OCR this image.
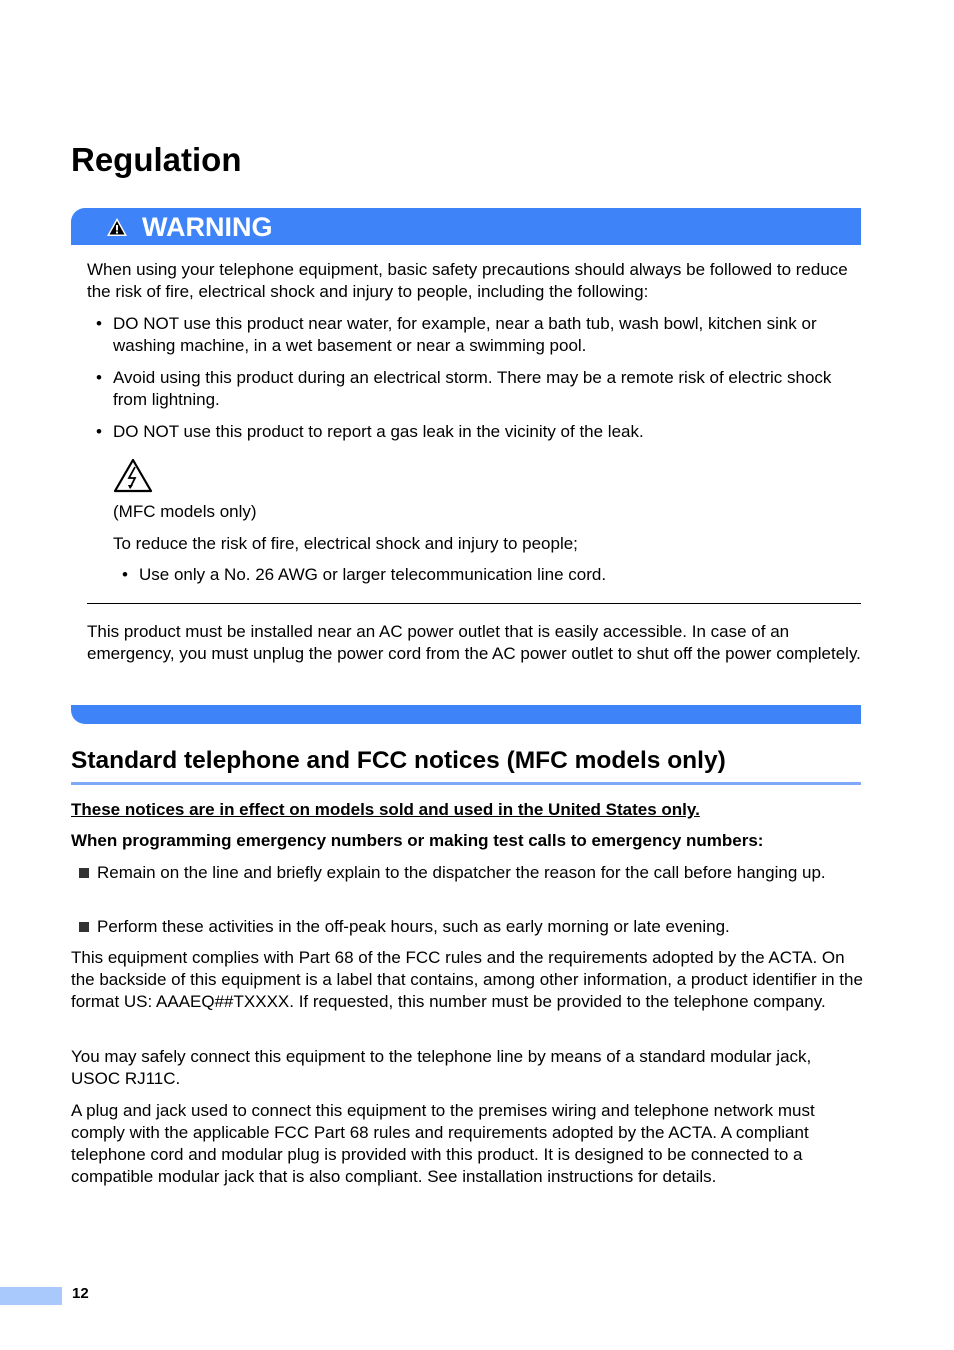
Regulation
WARNING
When using your telephone equipment, basic safety precautions should always be followed to reduce the risk of fire, electrical shock and injury to people, including the following:
• DO NOT use this product near water, for example, near a bath tub, wash bowl, kitchen sink or washing machine, in a wet basement or near a swimming pool.
• Avoid using this product during an electrical storm. There may be a remote risk of electric shock from lightning.
• DO NOT use this product to report a gas leak in the vicinity of the leak.
(MFC models only)
To reduce the risk of fire, electrical shock and injury to people;
• Use only a No. 26 AWG or larger telecommunication line cord.
This product must be installed near an AC power outlet that is easily accessible. In case of an emergency, you must unplug the power cord from the AC power outlet to shut off the power completely.
Standard telephone and FCC notices (MFC models only)
These notices are in effect on models sold and used in the United States only.
When programming emergency numbers or making test calls to emergency numbers:
Remain on the line and briefly explain to the dispatcher the reason for the call before hanging up.
Perform these activities in the off-peak hours, such as early morning or late evening.
This equipment complies with Part 68 of the FCC rules and the requirements adopted by the ACTA. On the backside of this equipment is a label that contains, among other information, a product identifier in the format US: AAAEQ##TXXXX. If requested, this number must be provided to the telephone company.
You may safely connect this equipment to the telephone line by means of a standard modular jack, USOC RJ11C.
A plug and jack used to connect this equipment to the premises wiring and telephone network must comply with the applicable FCC Part 68 rules and requirements adopted by the ACTA. A compliant telephone cord and modular plug is provided with this product. It is designed to be connected to a compatible modular jack that is also compliant. See installation instructions for details.
12
